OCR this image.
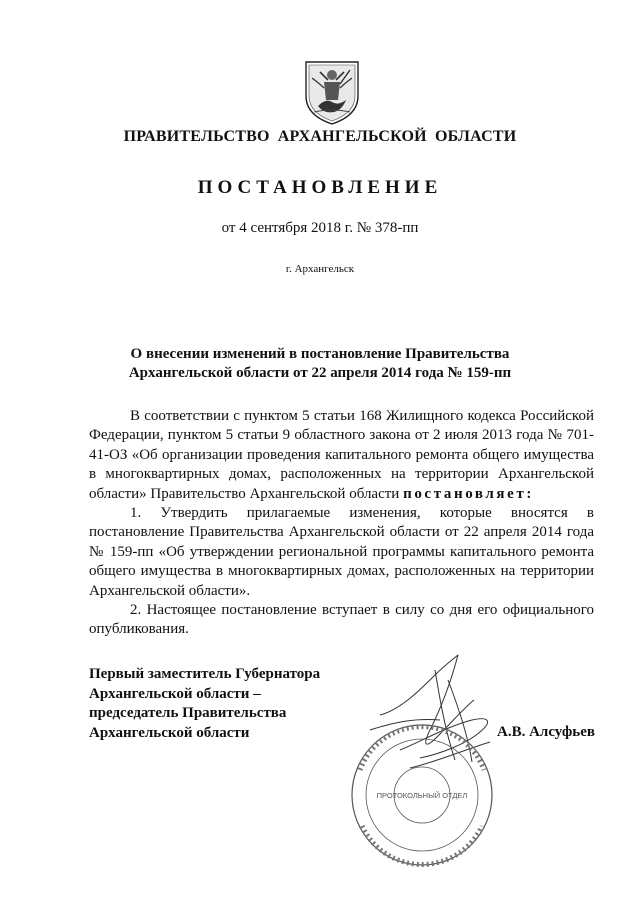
ПРАВИТЕЛЬСТВО АРХАНГЕЛЬСКОЙ ОБЛАСТИ
ПОСТАНОВЛЕНИЕ
от 4 сентября 2018 г. № 378-пп
г. Архангельск
О внесении изменений в постановление Правительства
Архангельской области от 22 апреля 2014 года № 159-пп

В соответствии с пунктом 5 статьи 168 Жилищного кодекса Российской Федерации, пунктом 5 статьи 9 областного закона от 2 июля 2013 года № 701-41-ОЗ «Об организации проведения капитального ремонта общего имущества в многоквартирных домах, расположенных на территории Архангельской области» Правительство Архангельской области постановляет:

1. Утвердить прилагаемые изменения, которые вносятся в постановление Правительства Архангельской области от 22 апреля 2014 года № 159-пп «Об утверждении региональной программы капитального ремонта общего имущества в многоквартирных домах, расположенных на территории Архангельской области».

2. Настоящее постановление вступает в силу со дня его официального опубликования.

Первый заместитель Губернатора
Архангельской области –
председатель Правительства
Архангельской области	А.В. Алсуфьев
ПРОТОКОЛЬНЫЙ ОТДЕЛ
